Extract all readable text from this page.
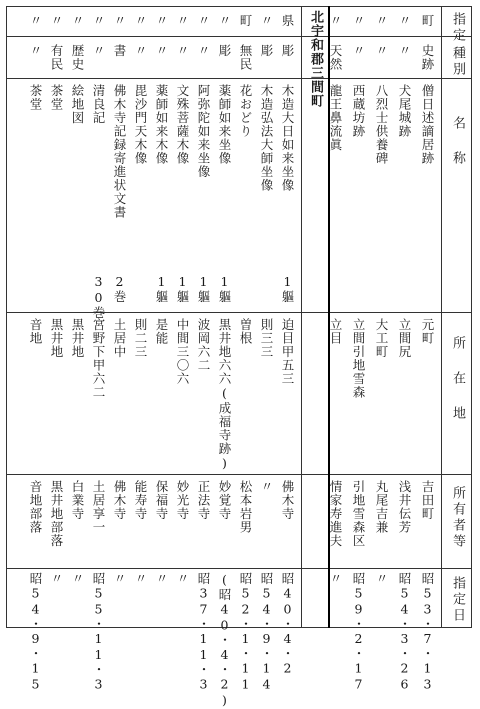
北宇和郡三間町	指定
種別
名称
所在地
所有者等
指定日
町
史跡
僧日述謫居跡
元町
吉田町
昭53・7・13
〃
〃
犬尾城跡
立間尻
浅井伝芳
昭54・3・26
〃
〃
八烈士供養碑
大工町
丸尾吉兼
〃
〃
〃
西蔵坊跡
立間引地雪森
引地雪森区
昭59・2・17
〃
天然
龍王鼻流眞
立目
情家寿進夫
〃
県
彫
木造大日如来坐像
1軀
迫目甲五三
佛木寺
昭40・4・2
〃
彫
木造弘法大師坐像
則三三
〃
昭54・9・14
町
無民
花おどり
曽根
松本岩男
昭52・1・11
〃
彫
薬師如来坐像
1軀
黒井地六六(成福寺跡)
妙覚寺
(昭40・4・2)
〃
〃
阿弥陀如来坐像
1軀
波岡六二
正法寺
昭37・11・3
〃
〃
文殊菩薩木像
1軀
中間三〇六
妙光寺
〃
〃
〃
薬師如来木像
1軀
是能
保福寺
〃
〃
〃
毘沙門天木像
則二三
能寿寺
〃
〃
書
佛木寺記録寄進状文書
2巻
土居中
佛木寺
〃
〃
〃
清良記
30巻
宮野下甲六二
土居享一
昭55・11・3
〃
歴史
絵地図
黒井地
白業寺
〃
〃
有民
茶堂
黒井地
黒井地部落
〃
〃
〃
茶堂
音地
音地部落
昭54・9・15
